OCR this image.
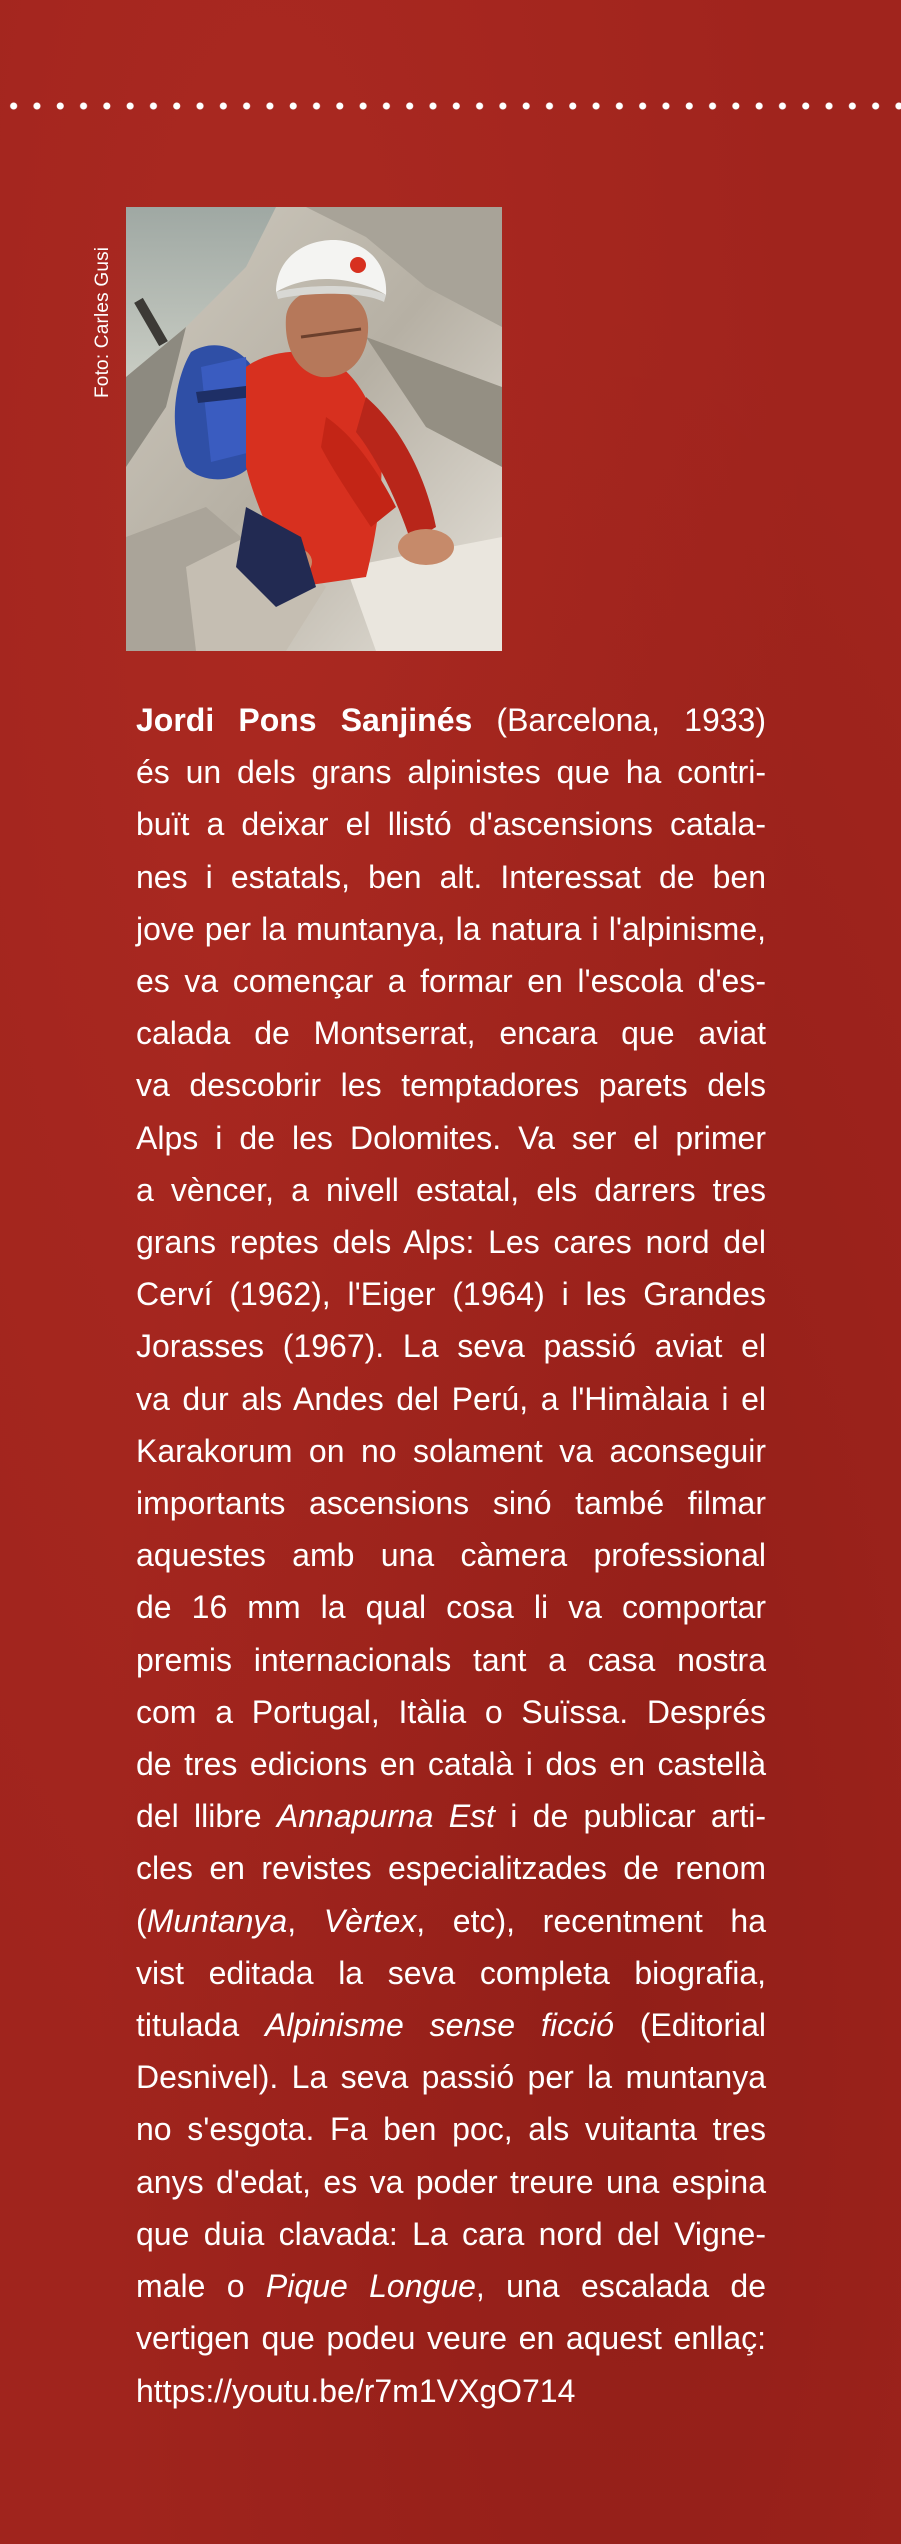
Foto: Carles Gusi
Jordi Pons Sanjinés (Barcelona, 1933)
és un dels grans alpinistes que ha contri-
buït a deixar el llistó d'ascensions catala-
nes i estatals, ben alt. Interessat de ben
jove per la muntanya, la natura i l'alpinisme,
es va començar a formar en l'escola d'es-
calada de Montserrat, encara que aviat
va descobrir les temptadores parets dels
Alps i de les Dolomites. Va ser el primer
a vèncer, a nivell estatal, els darrers tres
grans reptes dels Alps: Les cares nord del
Cerví (1962), l'Eiger (1964) i les Grandes
Jorasses (1967). La seva passió aviat el
va dur als Andes del Perú, a l'Himàlaia i el
Karakorum on no solament va aconseguir
importants ascensions sinó també filmar
aquestes amb una càmera professional
de 16 mm la qual cosa li va comportar
premis internacionals tant a casa nostra
com a Portugal, Itàlia o Suïssa. Després
de tres edicions en català i dos en castellà
del llibre Annapurna Est i de publicar arti-
cles en revistes especialitzades de renom
(Muntanya, Vèrtex, etc), recentment ha
vist editada la seva completa biografia,
titulada Alpinisme sense ficció (Editorial
Desnivel). La seva passió per la muntanya
no s'esgota. Fa ben poc, als vuitanta tres
anys d'edat, es va poder treure una espina
que duia clavada: La cara nord del Vigne-
male o Pique Longue, una escalada de
vertigen que podeu veure en aquest enllaç:
https://youtu.be/r7m1VXgO714
